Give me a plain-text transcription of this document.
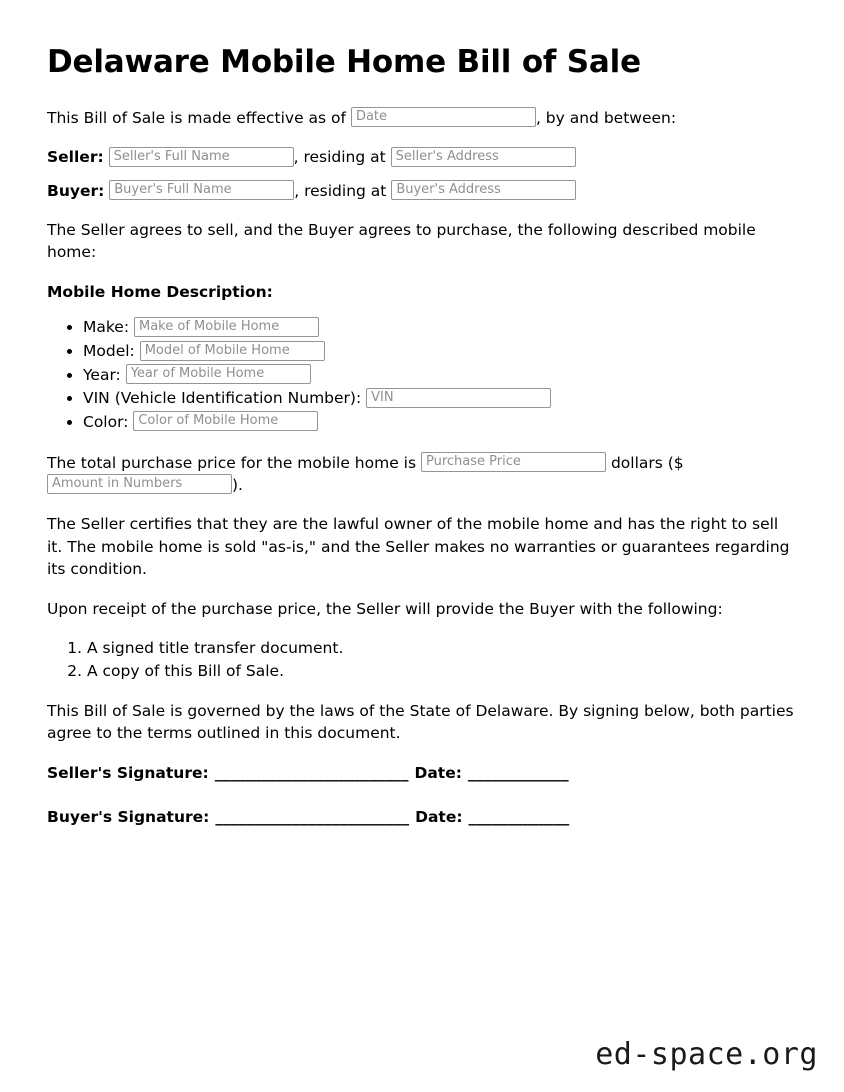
Delaware Mobile Home Bill of Sale

This Bill of Sale is made effective as of Date	, by and between:

Seller: Seller's Full Name	, residing at Seller's Address

Buyer: Buyer's Full Name	, residing at Buyer's Address

The Seller agrees to sell, and the Buyer agrees to purchase, the following described mobile home:

Mobile Home Description:
• Make: Make of Mobile Home
• Model: Model of Mobile Home
• Year: Year of Mobile Home
• VIN (Vehicle Identification Number): VIN
• Color: Color of Mobile Home

The total purchase price for the mobile home is Purchase Price	dollars ($ Amount in Numbers	).

The Seller certifies that they are the lawful owner of the mobile home and has the right to sell it. The mobile home is sold "as-is," and the Seller makes no warranties or guarantees regarding its condition.

Upon receipt of the purchase price, the Seller will provide the Buyer with the following:

1. A signed title transfer document.
2. A copy of this Bill of Sale.

This Bill of Sale is governed by the laws of the State of Delaware. By signing below, both parties agree to the terms outlined in this document.

Seller's Signature: _________________________ Date: _____________
Buyer's Signature: _________________________ Date: _____________
ed-space.org
